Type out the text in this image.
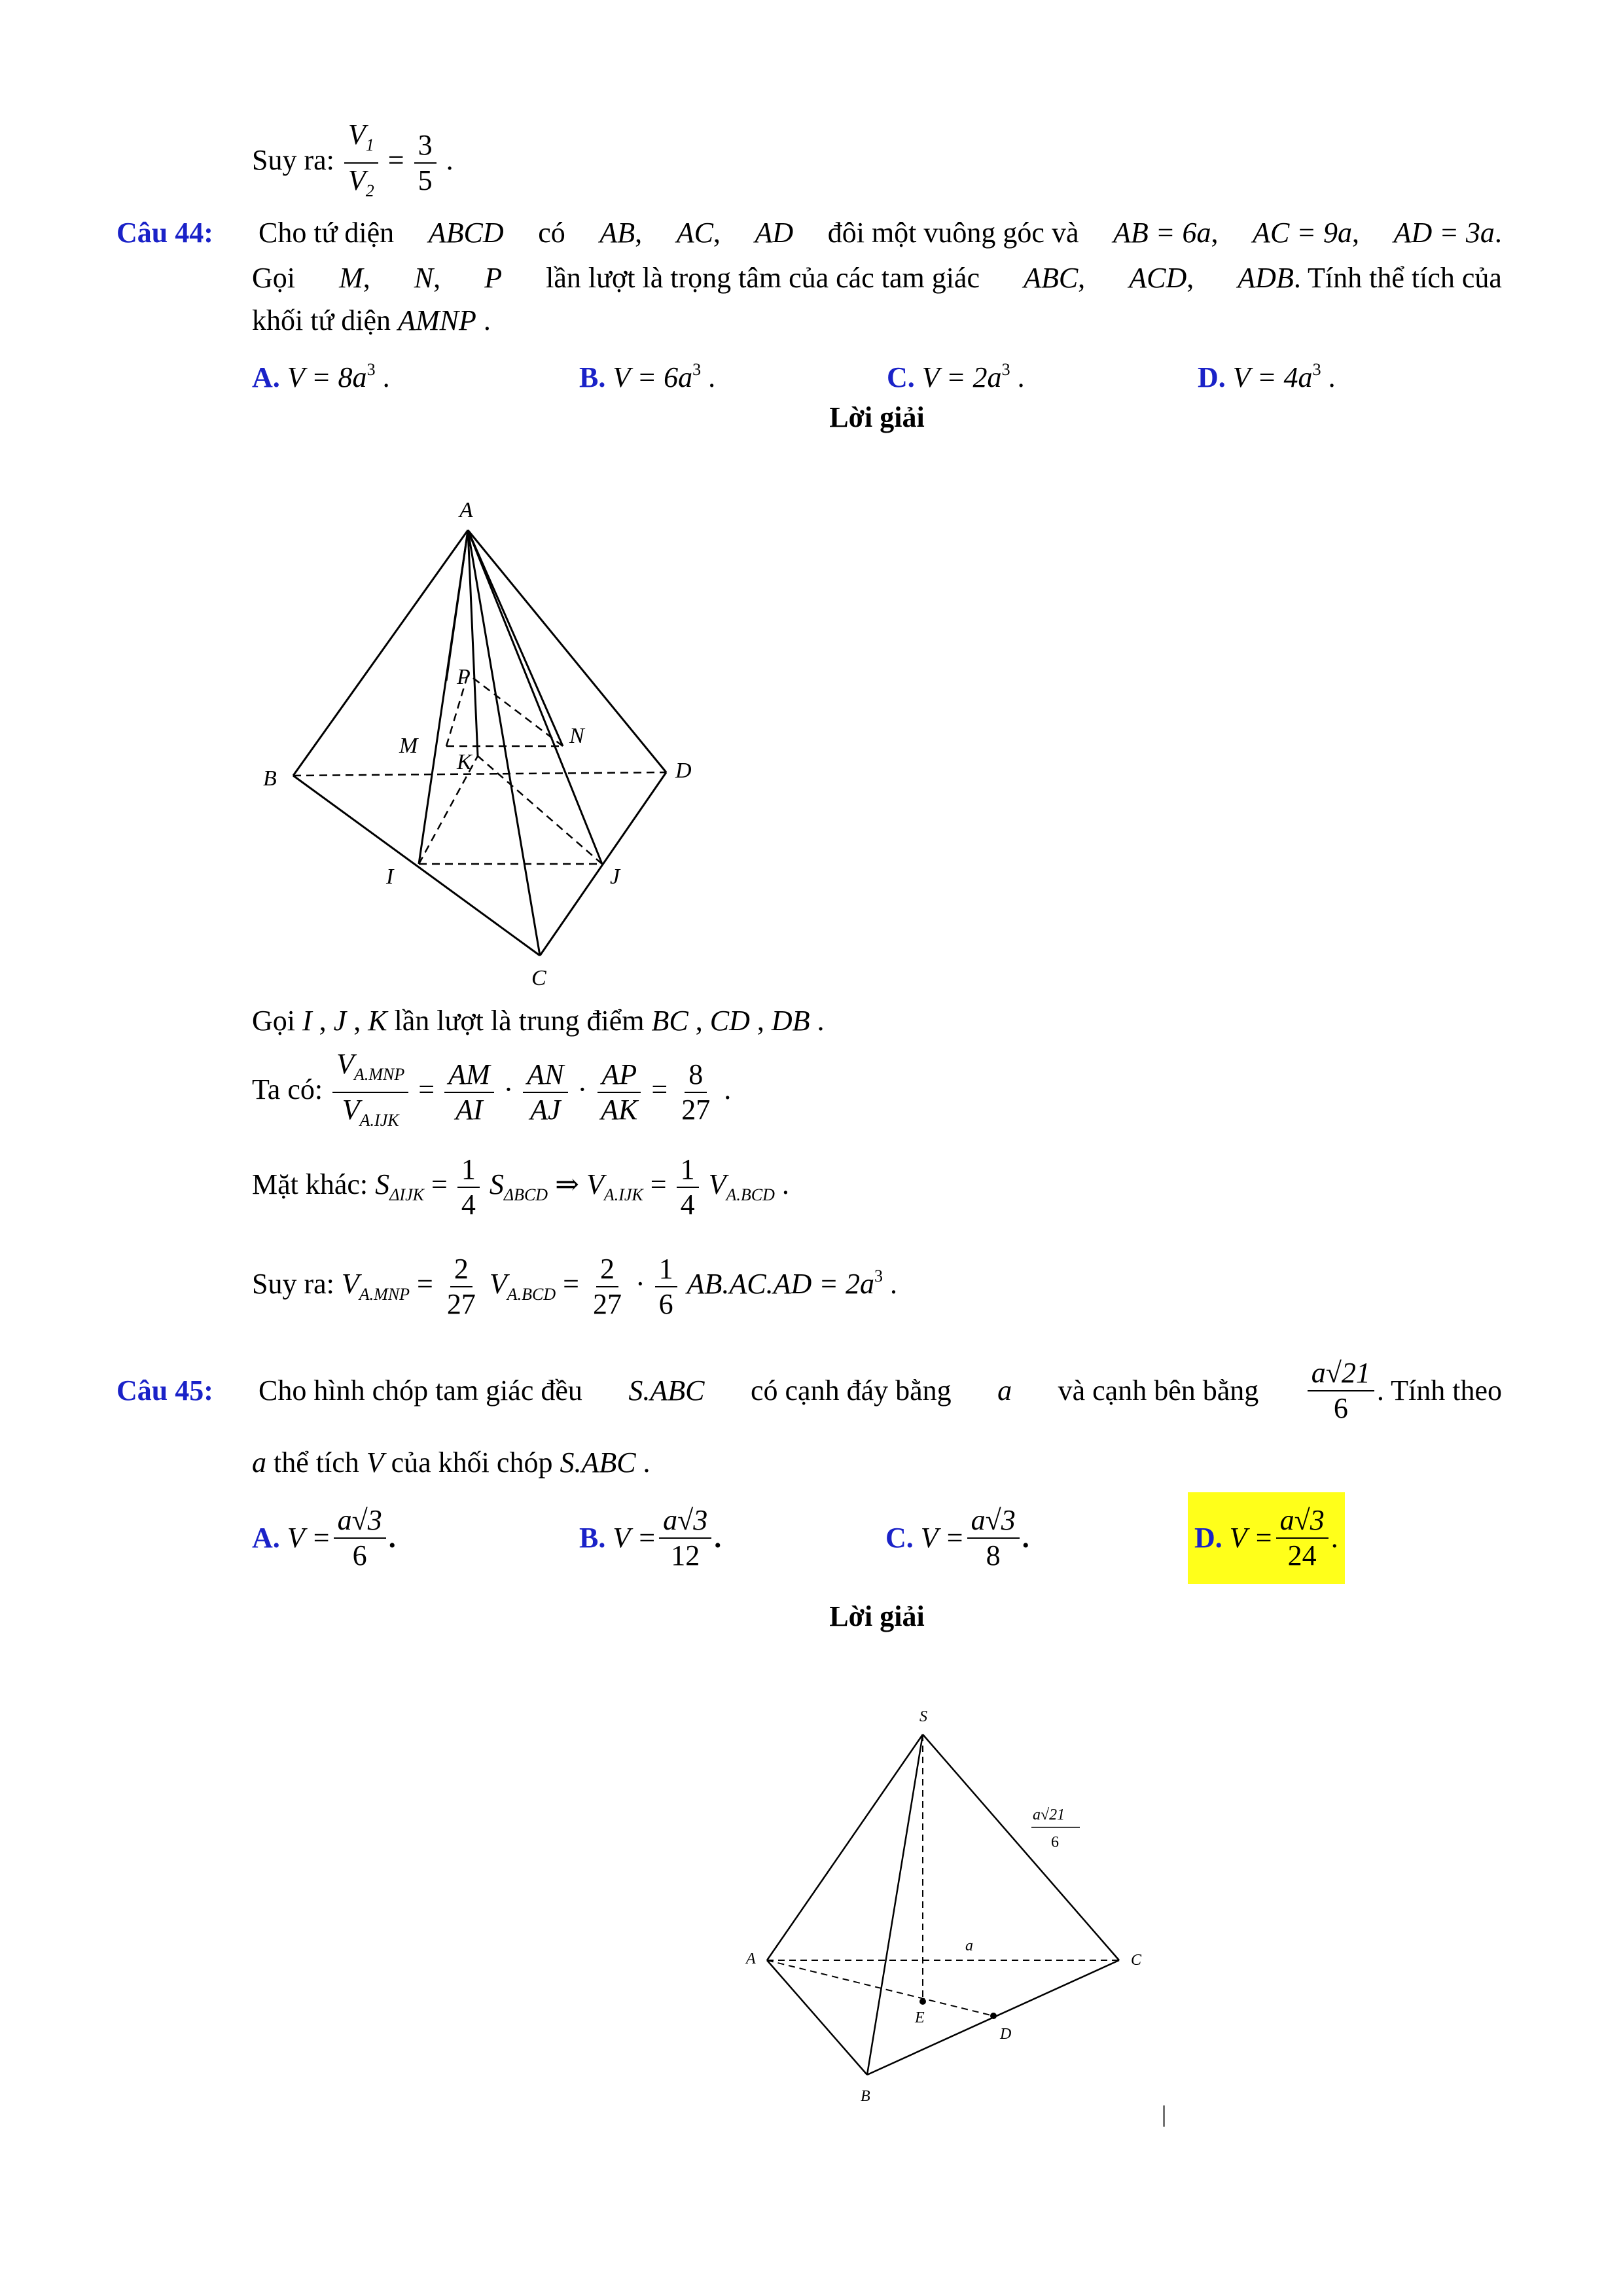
Suy ra: $\frac{V_1}{V_2} = \frac{3}{5}$ .
Câu 44: Cho tứ diện ABCD có AB, AC, AD đôi một vuông góc và AB = 6a, AC = 9a, AD = 3a.
Gọi M, N, P lần lượt là trọng tâm của các tam giác ABC, ACD, ADB. Tính thể tích của
khối tứ diện AMNP .
A. $V = 8a^3$ .	B. $V = 6a^3$ .	C. $V = 2a^3$ .	D. $V = 4a^3$ .
Lời giải
A
B
C
D
M	N
P
K
I	J
Gọi I , J , K lần lượt là trung điểm BC , CD , DB .
Ta có: $\frac{V_{A.MNP}}{V_{A.IJK}} = \frac{AM}{AI} \cdot \frac{AN}{AJ} \cdot \frac{AP}{AK} = \frac{8}{27}$ .
Mặt khác: $S_{\Delta IJK} = \frac{1}{4} S_{\Delta BCD}$ ⇒ $V_{A.IJK} = \frac{1}{4} V_{A.BCD}$ .
Suy ra: $V_{A.MNP} = \frac{2}{27} V_{A.BCD} = \frac{2}{27} \cdot \frac{1}{6} AB.AC.AD = 2a^3$ .
Câu 45: Cho hình chóp tam giác đều S.ABC có cạnh đáy bằng a và cạnh bên bằng $\frac{a√21}{6}$ . Tính theo
a thể tích V của khối chóp S.ABC .
A.
$V = \frac{a√3}{6}$ .	B.
$V = \frac{a√3}{12}$ .	C.
$V = \frac{a√3}{8}$ .	D.
$V = \frac{a√3}{24}$ .
Lời giải
S
A
B
C
D
E
a
a√21
6
|
